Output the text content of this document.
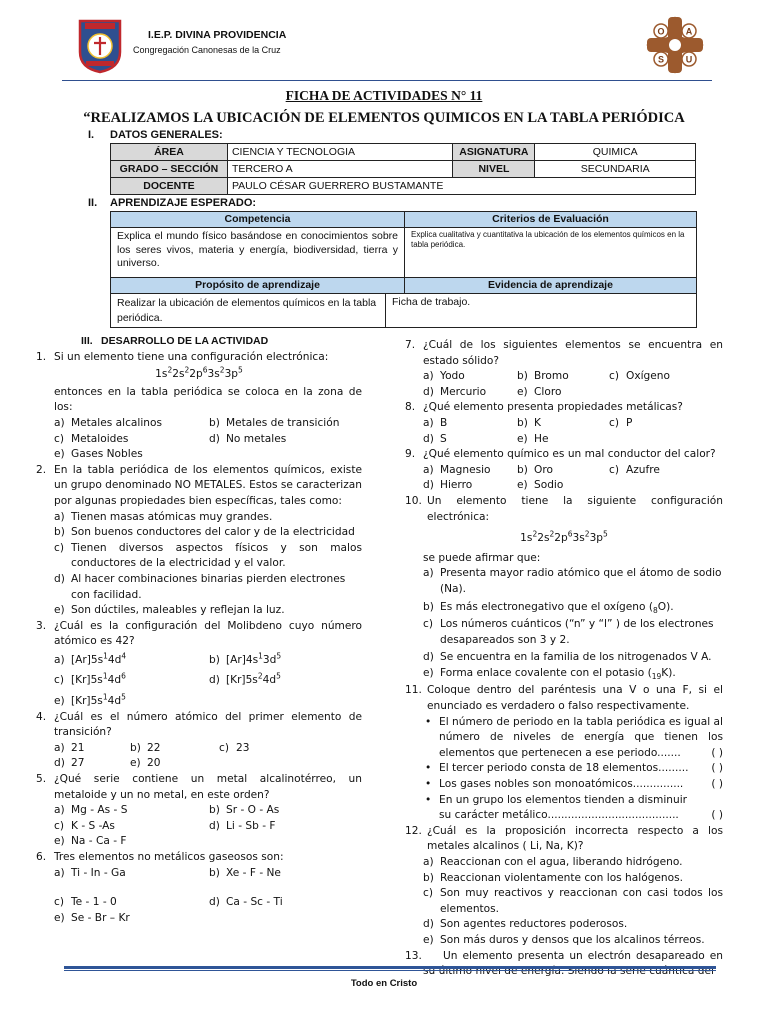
I.E.P. DIVINA PROVIDENCIA
Congregación Canonesas de la Cruz
O A
S U
FICHA DE ACTIVIDADES N° 11
“REALIZAMOS LA UBICACIÓN DE ELEMENTOS QUIMICOS EN LA TABLA PERIÓDICA
I. DATOS GENERALES:
ÁREA	CIENCIA Y TECNOLOGIA	ASIGNATURA	QUIMICA
GRADO – SECCIÓN	TERCERO A	NIVEL	SECUNDARIA
DOCENTE	PAULO CÉSAR GUERRERO BUSTAMANTE		
II. APRENDIZAJE ESPERADO:
Competencia		Criterios de Evaluación
Explica el mundo físico basándose en conocimientos sobre los seres vivos, materia y energía, biodiversidad, tierra y universo.		Explica cualitativa y cuantitativa la ubicación de los elementos químicos en la tabla periódica.
Propósito de aprendizaje		Evidencia de aprendizaje
Realizar la ubicación de elementos químicos en la tabla periódica.	Ficha de trabajo.	
III. DESARROLLO DE LA ACTIVIDAD
1. Si un elemento tiene una configuración electrónica:
$1s^22s^22p^63s^23p^5$
entonces en la tabla periódica se coloca en la zona de los:
a) Metales alcalinos	b) Metales de transición
c) Metaloides	d) No metales
e) Gases Nobles
2. En la tabla periódica de los elementos químicos, existe un grupo denominado NO METALES. Estos se caracterizan por algunas propiedades bien específicas, tales como:
a) Tienen masas atómicas muy grandes.
b) Son buenos conductores del calor y de la electricidad
c) Tienen diversos aspectos físicos y son malos conductores de la electricidad y el valor.
d) Al hacer combinaciones binarias pierden electrones con facilidad.
e) Son dúctiles, maleables y reflejan la luz.
3. ¿Cuál es la configuración del Molibdeno cuyo número atómico es 42?
a) $[Ar]5s^14d^4$	b) $[Ar]4s^13d^5$
c) $[Kr]5s^14d^6$	d) $[Kr]5s^24d^5$
e) $[Kr]5s^14d^5$
4. ¿Cuál es el número atómico del primer elemento de transición?
a) 21	b) 22	c) 23
d) 27	e) 20
5. ¿Qué serie contiene un metal alcalinotérreo, un metaloide y un no metal, en este orden?
a) Mg - As - S	b) Sr - O - As
c) K - S -As	d) Li - Sb - F
e) Na - Ca - F
6. Tres elementos no metálicos gaseosos son:
a) Ti - In - Ga	b) Xe - F - Ne
c) Te - 1 - 0	d) Ca - Sc - Ti
e) Se - Br – Kr
7. ¿Cuál de los siguientes elementos se encuentra en estado sólido?
a) Yodo	b) Bromo	c) Oxígeno
d) Mercurio	e) Cloro
8. ¿Qué elemento presenta propiedades metálicas?
a) B	b) K	c) P
d) S	e) He
9. ¿Qué elemento químico es un mal conductor del calor?
a) Magnesio b) Oro	c) Azufre
d) Hierro	e) Sodio
10. Un elemento tiene la siguiente configuración electrónica:
$1s^22s^22p^63s^23p^5$
se puede afirmar que:
a) Presenta mayor radio atómico que el átomo de sodio (Na).
b) Es más electronegativo que el oxígeno $(_8O)$.
c) Los números cuánticos (“n” y “l” ) de los electrones desapareados son 3 y 2.
d) Se encuentra en la familia de los nitrogenados V A.
e) Forma enlace covalente con el potasio $(_{19}K)$.
11. Coloque dentro del paréntesis una V o una F, si el enunciado es verdadero o falso respectivamente.
• El número de periodo en la tabla periódica es igual al número de niveles de energía que tienen los elementos que pertenecen a ese periodo.......	( )
• El tercer periodo consta de 18 elementos......... ( )
• Los gases nobles son monoatómicos...............	( )
• En un grupo los elementos tienden a disminuir
su carácter metálico.......................................	( )
12. ¿Cuál es la proposición incorrecta respecto a los metales alcalinos ( Li, Na, K)?
a) Reaccionan con el agua, liberando hidrógeno.
b) Reaccionan violentamente con los halógenos.
c) Son muy reactivos y reaccionan con casi todos los elementos.
d) Son agentes reductores poderosos.
e) Son más duros y densos que los alcalinos térreos.
13.	Un elemento presenta un electrón desapareado en su último nivel de energía. Siendo la serie cuántica del
Todo en Cristo
